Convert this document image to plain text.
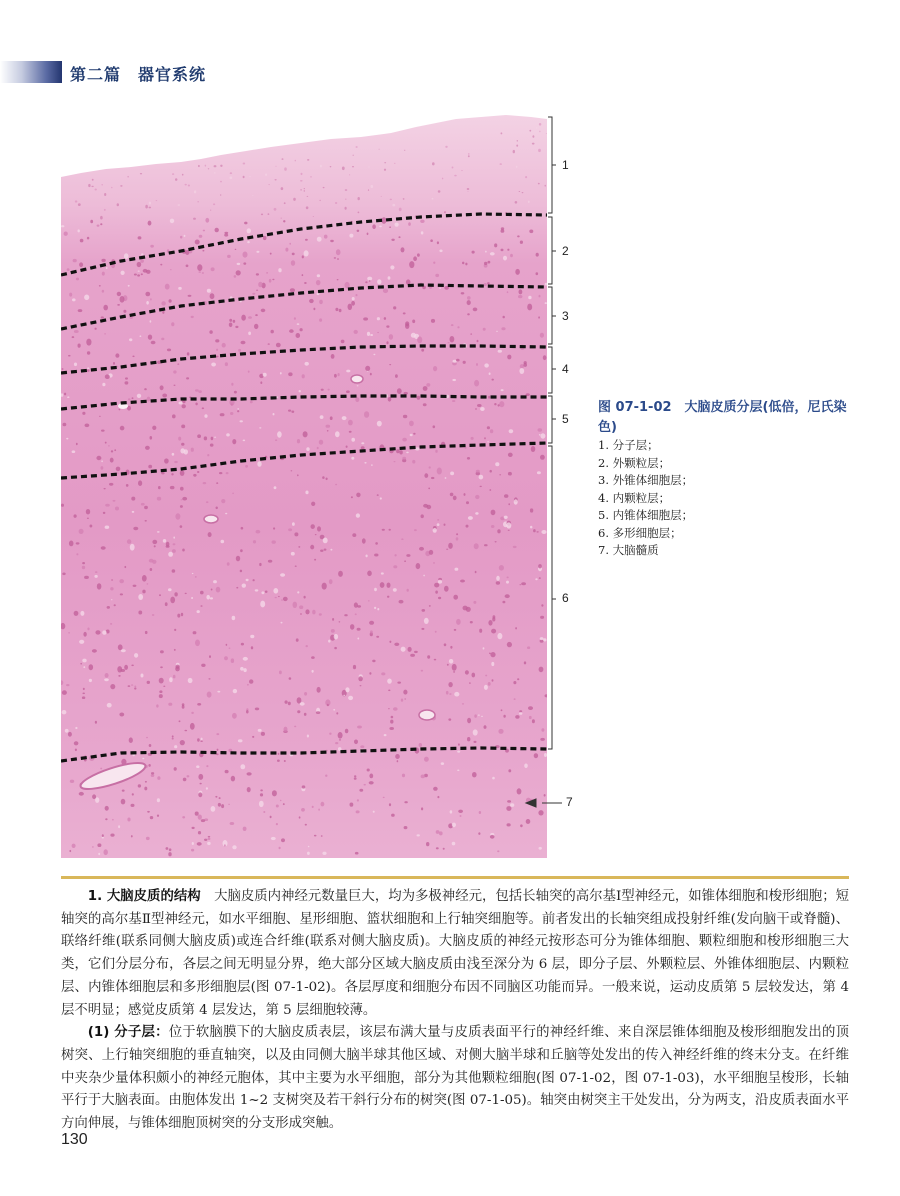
第二篇　 器官系统
1
2
3
4
5
6
7
图 07-1-02　大脑皮质分层(低倍，尼氏染色)
1. 分子层；
2. 外颗粒层；
3. 外锥体细胞层；
4. 内颗粒层；
5. 内锥体细胞层；
6. 多形细胞层；
7. 大脑髓质

1. 大脑皮质的结构　 大脑皮质内神经元数量巨大，均为多极神经元，包括长轴突的高尔基Ⅰ型神经元，如锥体细胞和梭形细胞；短轴突的高尔基Ⅱ型神经元，如水平细胞、星形细胞、篮状细胞和上行轴突细胞等。前者发出的长轴突组成投射纤维(发向脑干或脊髓)、联络纤维(联系同侧大脑皮质)或连合纤维(联系对侧大脑皮质)。大脑皮质的神经元按形态可分为锥体细胞、颗粒细胞和梭形细胞三大类，它们分层分布，各层之间无明显分界，绝大部分区域大脑皮质由浅至深分为 6 层，即分子层、外颗粒层、外锥体细胞层、内颗粒层、内锥体细胞层和多形细胞层(图 07-1-02)。各层厚度和细胞分布因不同脑区功能而异。一般来说，运动皮质第 5 层较发达，第 4 层不明显；感觉皮质第 4 层发达，第 5 层细胞较薄。

(1) 分子层：位于软脑膜下的大脑皮质表层，该层布满大量与皮质表面平行的神经纤维、来自深层锥体细胞及梭形细胞发出的顶树突、上行轴突细胞的垂直轴突，以及由同侧大脑半球其他区域、对侧大脑半球和丘脑等处发出的传入神经纤维的终末分支。在纤维中夹杂少量体积颇小的神经元胞体，其中主要为水平细胞，部分为其他颗粒细胞(图 07-1-02，图 07-1-03)，水平细胞呈梭形，长轴平行于大脑表面。由胞体发出 1~2 支树突及若干斜行分布的树突(图 07-1-05)。轴突由树突主干处发出，分为两支，沿皮质表面水平方向伸展，与锥体细胞顶树突的分支形成突触。

130
